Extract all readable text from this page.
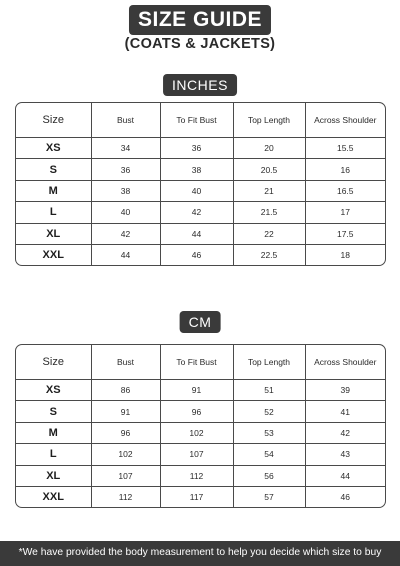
SIZE GUIDE
(COATS & JACKETS)
INCHES
Size	Bust	To Fit Bust	Top Length	Across Shoulder
XS	34	36	20	15.5
S	36	38	20.5	16
M	38	40	21	16.5
L	40	42	21.5	17
XL	42	44	22	17.5
XXL	44	46	22.5	18
CM
Size	Bust	To Fit Bust	Top Length	Across Shoulder
XS	86	91	51	39
S	91	96	52	41
M	96	102	53	42
L	102	107	54	43
XL	107	112	56	44
XXL	112	117	57	46
*We have provided the body measurement to help you decide which size to buy
